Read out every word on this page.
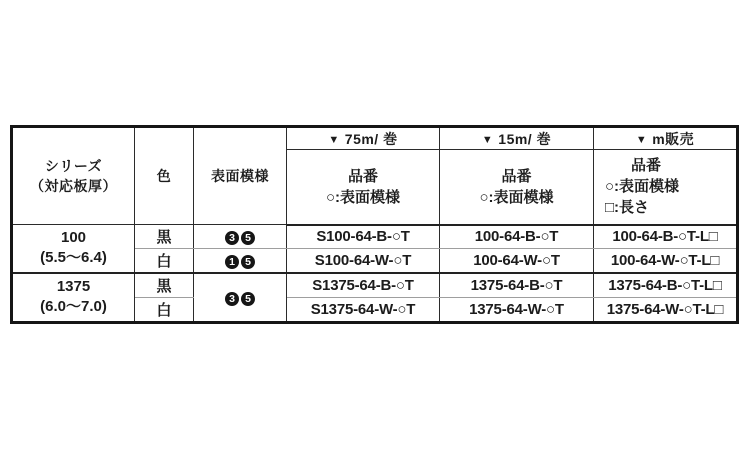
シリーズ
（対応板厚）	色	表面模様	▼ 75m/ 巻	▼ 15m/ 巻	▼ m販売

品番
○:表面模様

品番
○:表面模様

品番
○:表面模様
□:長さ

100
(5.5～6.4)	黒	3 5	S100-64-B-○T	100-64-B-○T	100-64-B-○T-L□
	白	1 5	S100-64-W-○T	100-64-W-○T	100-64-W-○T-L□

1375
(6.0～7.0)	黒	3 5	S1375-64-B-○T	1375-64-B-○T	1375-64-B-○T-L□
	白		S1375-64-W-○T	1375-64-W-○T	1375-64-W-○T-L□
